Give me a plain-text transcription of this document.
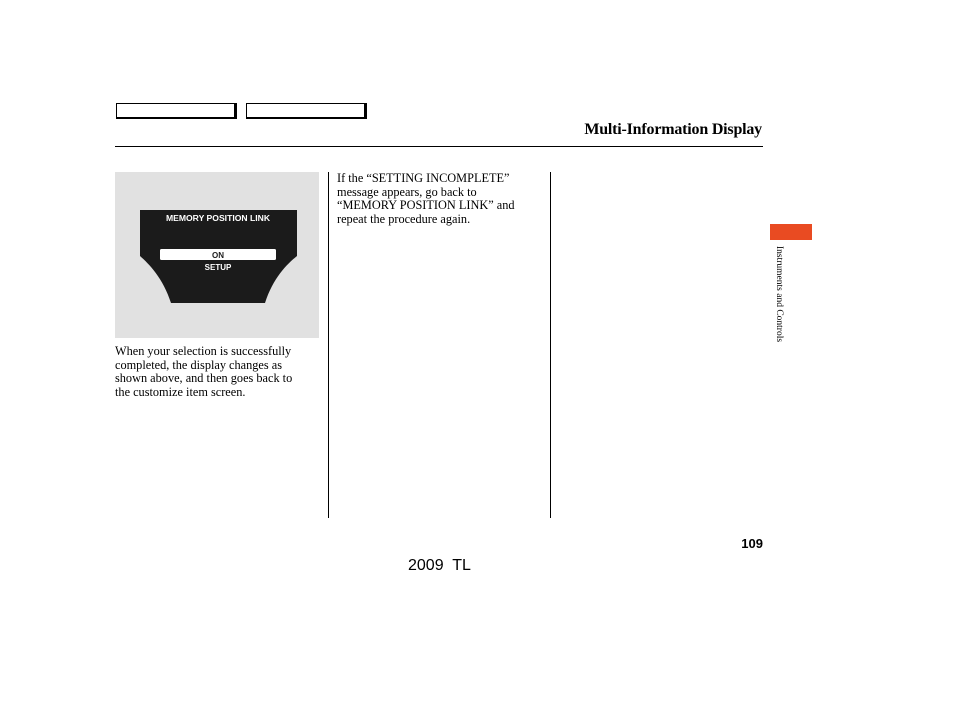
Multi-Information Display
MEMORY POSITION LINK
ON
SETUP
When your selection is successfully
completed, the display changes as
shown above, and then goes back to
the customize item screen.
If the “SETTING INCOMPLETE”
message appears, go back to
“MEMORY POSITION LINK” and
repeat the procedure again.
Instruments and Controls
109
2009  TL
